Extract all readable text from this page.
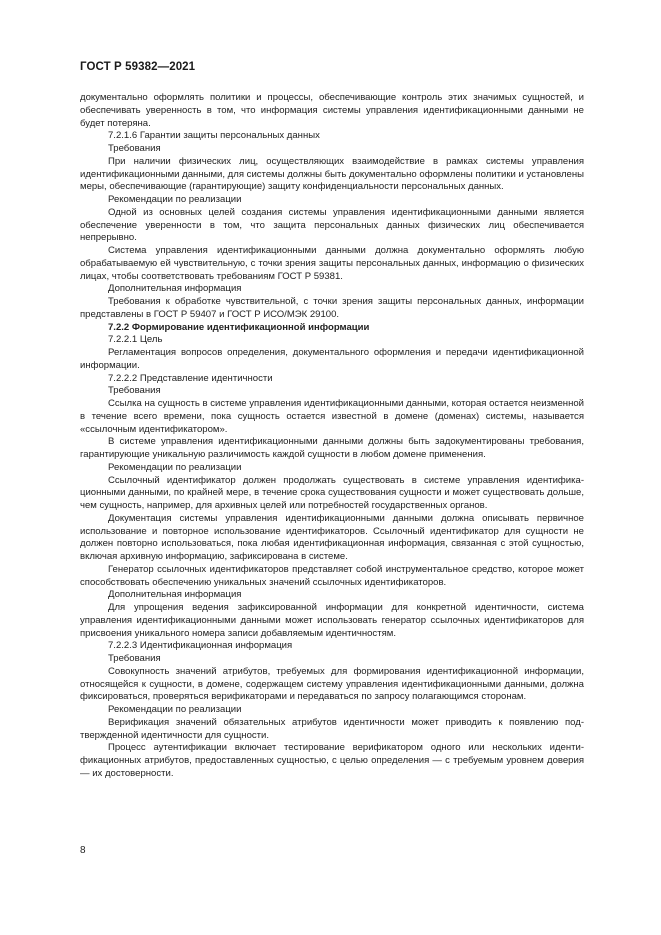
ГОСТ Р 59382—2021

документально оформлять политики и процессы, обеспечивающие контроль этих значимых сущностей, и обеспечивать уверенность в том, что информация системы управления идентификационными данными не будет потеряна.

7.2.1.6 Гарантии защиты персональных данных

Требования

При наличии физических лиц, осуществляющих взаимодействие в рамках системы управления идентификационными данными, для системы должны быть документально оформлены политики и установлены меры, обеспечивающие (гарантирующие) защиту конфиденциальности персональных данных.

Рекомендации по реализации

Одной из основных целей создания системы управления идентификационными данными является обеспечение уверенности в том, что защита персональных данных физических лиц обеспечивается непрерывно.

Система управления идентификационными данными должна документально оформлять любую обрабатываемую ей чувствительную, с точки зрения защиты персональных данных, информацию о физических лицах, чтобы соответствовать требованиям ГОСТ Р 59381.

Дополнительная информация

Требования к обработке чувствительной, с точки зрения защиты персональных данных, информации представлены в ГОСТ Р 59407 и ГОСТ Р ИСО/МЭК 29100.

7.2.2 Формирование идентификационной информации

7.2.2.1 Цель

Регламентация вопросов определения, документального оформления и передачи идентификационной информации.

7.2.2.2 Представление идентичности

Требования

Ссылка на сущность в системе управления идентификационными данными, которая остается неизменной в течение всего времени, пока сущность остается известной в домене (доменах) системы, называется «ссылочным идентификатором».

В системе управления идентификационными данными должны быть задокументированы требования, гарантирующие уникальную различимость каждой сущности в любом домене применения.

Рекомендации по реализации

Ссылочный идентификатор должен продолжать существовать в системе управления идентификационными данными, по крайней мере, в течение срока существования сущности и может существовать дольше, чем сущность, например, для архивных целей или потребностей государственных органов.

Документация системы управления идентификационными данными должна описывать первичное использование и повторное использование идентификаторов. Ссылочный идентификатор для сущности не должен повторно использоваться, пока любая идентификационная информация, связанная с этой сущностью, включая архивную информацию, зафиксирована в системе.

Генератор ссылочных идентификаторов представляет собой инструментальное средство, которое может способствовать обеспечению уникальных значений ссылочных идентификаторов.

Дополнительная информация

Для упрощения ведения зафиксированной информации для конкретной идентичности, система управления идентификационными данными может использовать генератор ссылочных идентификаторов для присвоения уникального номера записи добавляемым идентичностям.

7.2.2.3 Идентификационная информация

Требования

Совокупность значений атрибутов, требуемых для формирования идентификационной информации, относящейся к сущности, в домене, содержащем систему управления идентификационными данными, должна фиксироваться, проверяться верификаторами и передаваться по запросу полагающимся сторонам.

Рекомендации по реализации

Верификация значений обязательных атрибутов идентичности может приводить к появлению подтвержденной идентичности для сущности.

Процесс аутентификации включает тестирование верификатором одного или нескольких идентификационных атрибутов, предоставленных сущностью, с целью определения — с требуемым уровнем доверия — их достоверности.

8
